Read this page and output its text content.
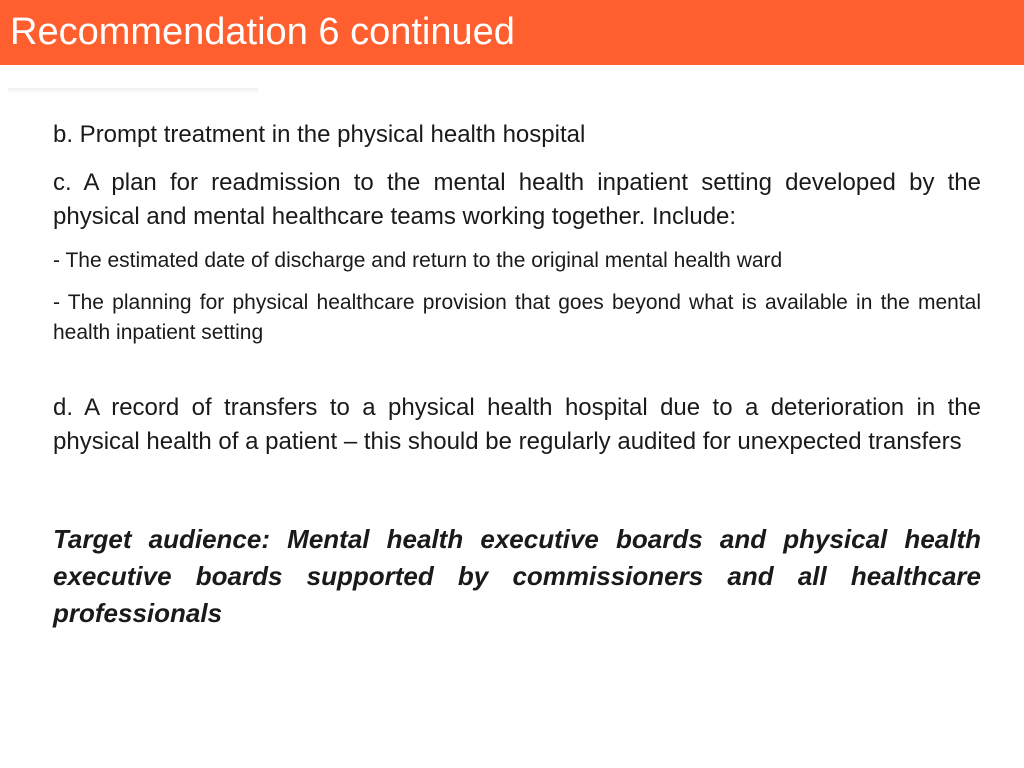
Recommendation 6 continued

b. Prompt treatment in the physical health hospital

c. A plan for readmission to the mental health inpatient setting developed by the physical and mental healthcare teams working together. Include:

- The estimated date of discharge and return to the original mental health ward

- The planning for physical healthcare provision that goes beyond what is available in the mental health inpatient setting

d. A record of transfers to a physical health hospital due to a deterioration in the physical health of a patient – this should be regularly audited for unexpected transfers

Target audience: Mental health executive boards and physical health executive boards supported by commissioners and all healthcare professionals
